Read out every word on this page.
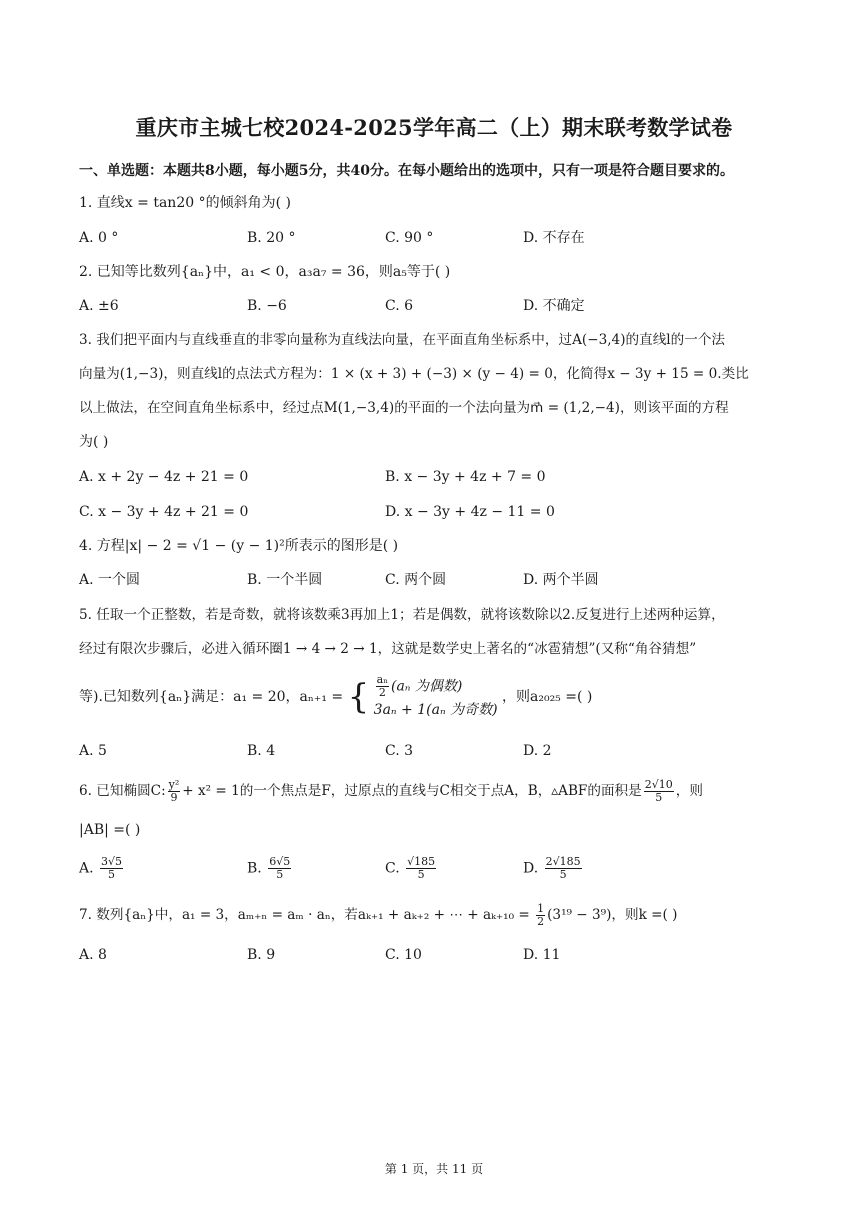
重庆市主城七校2024-2025学年高二（上）期末联考数学试卷
一、单选题：本题共8小题，每小题5分，共40分。在每小题给出的选项中，只有一项是符合题目要求的。
1. 直线x = tan20 °的倾斜角为( )
A. 0 °	B. 20 °	C. 90 °	D. 不存在
2. 已知等比数列{aₙ}中，a₁ < 0，a₃a₇ = 36，则a₅等于( )
A. ±6	B. −6	C. 6	D. 不确定
3. 我们把平面内与直线垂直的非零向量称为直线法向量，在平面直角坐标系中，过A(−3,4)的直线l的一个法
向量为(1,−3)，则直线l的点法式方程为：1 × (x + 3) + (−3) × (y − 4) = 0，化简得x − 3y + 15 = 0.类比
以上做法，在空间直角坐标系中，经过点M(1,−3,4)的平面的一个法向量为m⃗ = (1,2,−4)，则该平面的方程
为( )
A. x + 2y − 4z + 21 = 0	B. x − 3y + 4z + 7 = 0
C. x − 3y + 4z + 21 = 0	D. x − 3y + 4z − 11 = 0
4. 方程|x| − 2 = √1 − (y − 1)²所表示的图形是( )
A. 一个圆	B. 一个半圆	C. 两个圆	D. 两个半圆
5. 任取一个正整数，若是奇数，就将该数乘3再加上1；若是偶数，就将该数除以2.反复进行上述两种运算，
经过有限次步骤后，必进入循环圈1 → 4 → 2 → 1，这就是数学史上著名的“冰雹猜想”(又称“角谷猜想”
等).已知数列{aₙ}满足：a₁ = 20，aₙ₊₁ = { $\frac{\text{aₙ}}{2} (a_n$ 为偶数)
3aₙ + 1(aₙ 为奇数)
，则a₂₀₂₅ =( )
A. 5	B. 4	C. 3	D. 2
6. 已知椭圆C: $\frac{\text{y²}}{9} + x^2 = 1$的一个焦点是F，过原点的直线与C相交于点A，B，▵ABF的面积是 $\frac{2√10}{5}$ ，则
|AB| =( )
A. $\frac{3√5}{5}$	B. $\frac{6√5}{5}$	C. $\frac{√185}{5}$	D. $\frac{2√185}{5}$
7. 数列{aₙ}中，a₁ = 3，aₘ₊ₙ = aₘ · aₙ，若aₖ₊₁ + aₖ₊₂ + ⋯ + $a_{k+10} = \frac{1}{2} (3^{19} - 3^9)$，则k =( )
A. 8	B. 9	C. 10	D. 11
第 1 页，共 11 页
